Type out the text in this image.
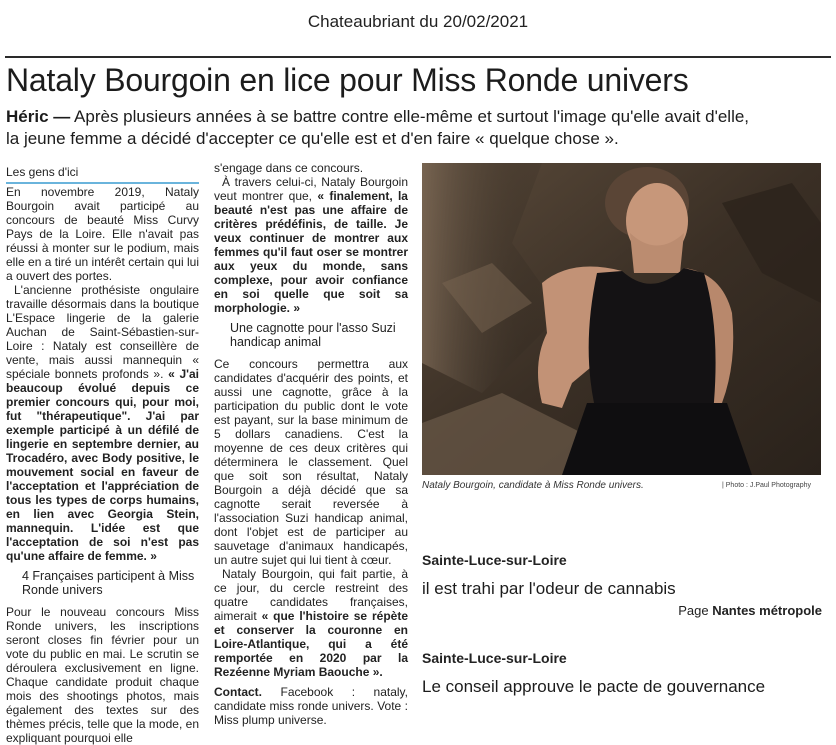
Chateaubriant du 20/02/2021
Nataly Bourgoin en lice pour Miss Ronde univers
Héric — Après plusieurs années à se battre contre elle-même et surtout l'image qu'elle avait d'elle,
la jeune femme a décidé d'accepter ce qu'elle est et d'en faire « quelque chose ».
Les gens d'ici

En novembre 2019, Nataly Bourgoin avait participé au concours de beauté Miss Curvy Pays de la Loire. Elle n'avait pas réussi à monter sur le podium, mais elle en a tiré un intérêt certain qui lui a ouvert des portes.

L'ancienne prothésiste ongulaire travaille désormais dans la boutique L'Espace lingerie de la galerie Auchan de Saint-Sébastien-sur-Loire : Nataly est conseillère de vente, mais aussi mannequin « spéciale bonnets profonds ». « J'ai beaucoup évolué depuis ce premier concours qui, pour moi, fut "thérapeutique". J'ai par exemple participé à un défilé de lingerie en septembre dernier, au Trocadéro, avec Body positive, le mouvement social en faveur de l'acceptation et l'appréciation de tous les types de corps humains, en lien avec Georgia Stein, mannequin. L'idée est que l'acceptation de soi n'est pas qu'une affaire de femme. »

4 Françaises participent à Miss Ronde univers

Pour le nouveau concours Miss Ronde univers, les inscriptions seront closes fin février pour un vote du public en mai. Le scrutin se déroulera exclusivement en ligne. Chaque candidate produit chaque mois des shootings photos, mais également des textes sur des thèmes précis, telle que la mode, en expliquant pourquoi elle

s'engage dans ce concours.

À travers celui-ci, Nataly Bourgoin veut montrer que, « finalement, la beauté n'est pas une affaire de critères prédéfinis, de taille. Je veux continuer de montrer aux femmes qu'il faut oser se montrer aux yeux du monde, sans complexe, pour avoir confiance en soi quelle que soit sa morphologie. »

Une cagnotte pour l'asso Suzi handicap animal

Ce concours permettra aux candidates d'acquérir des points, et aussi une cagnotte, grâce à la participation du public dont le vote est payant, sur la base minimum de 5 dollars canadiens. C'est la moyenne de ces deux critères qui déterminera le classement. Quel que soit son résultat, Nataly Bourgoin a déjà décidé que sa cagnotte serait reversée à l'association Suzi handicap animal, dont l'objet est de participer au sauvetage d'animaux handicapés, un autre sujet qui lui tient à cœur.

Nataly Bourgoin, qui fait partie, à ce jour, du cercle restreint des quatre candidates françaises, aimerait « que l'histoire se répète et conserver la couronne en Loire-Atlantique, qui a été remportée en 2020 par la Rezéenne Myriam Baouche ».

Contact. Facebook : nataly, candidate miss ronde univers. Vote : Miss plump universe.

Nataly Bourgoin, candidate à Miss Ronde univers.	| Photo : J.Paul Photography
Sainte-Luce-sur-Loire
il est trahi par l'odeur de cannabis
Page Nantes métropole
Sainte-Luce-sur-Loire
Le conseil approuve le pacte de gouvernance
